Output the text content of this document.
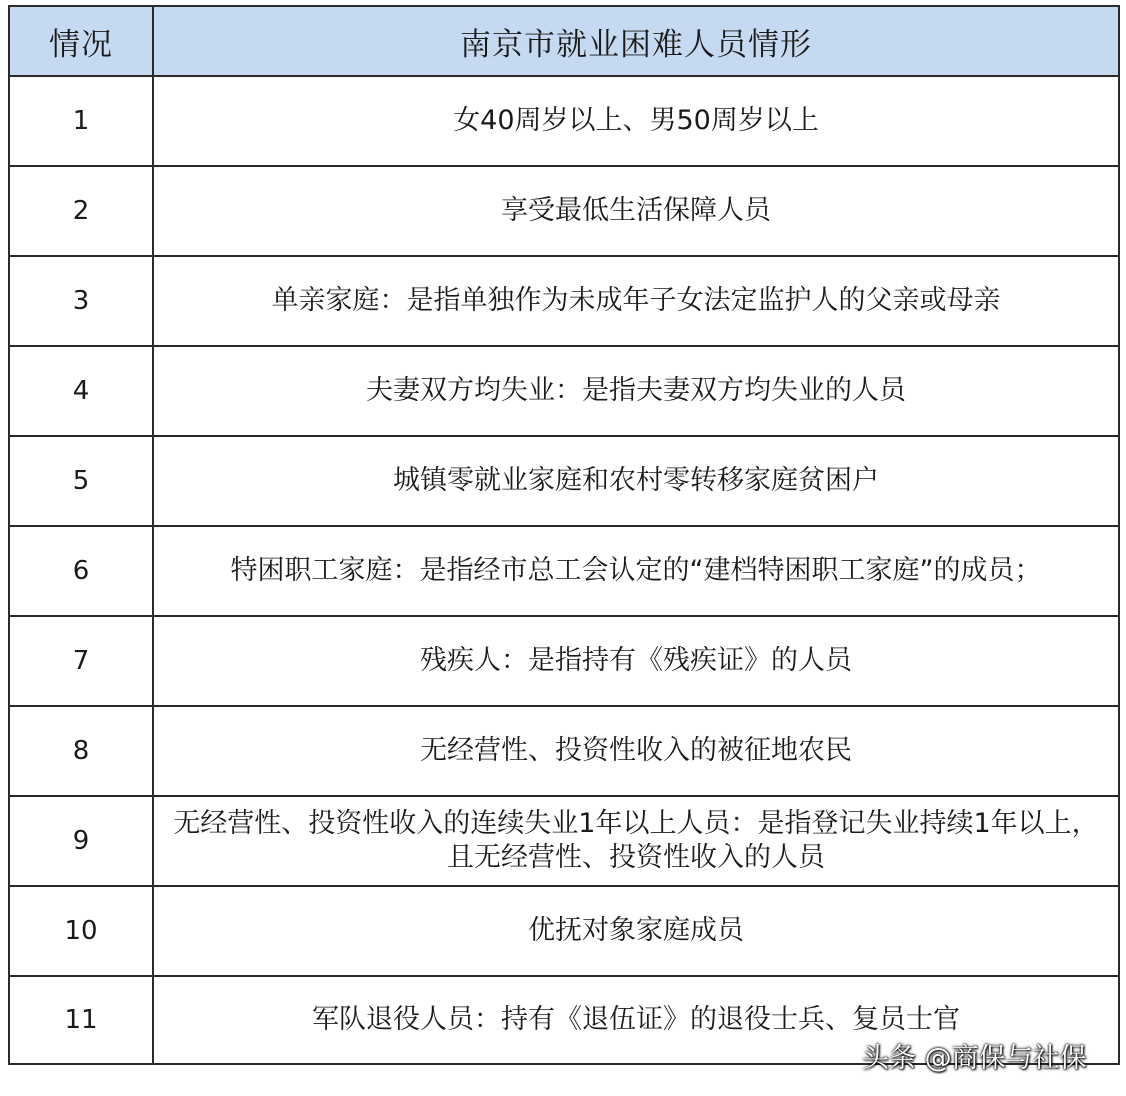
情况	南京市就业困难人员情形
1	女40周岁以上、男50周岁以上
2	享受最低生活保障人员
3	单亲家庭：是指单独作为未成年子女法定监护人的父亲或母亲
4	夫妻双方均失业：是指夫妻双方均失业的人员
5	城镇零就业家庭和农村零转移家庭贫困户
6	特困职工家庭：是指经市总工会认定的“建档特困职工家庭”的成员；
7	残疾人：是指持有《残疾证》的人员
8	无经营性、投资性收入的被征地农民
9	无经营性、投资性收入的连续失业1年以上人员：是指登记失业持续1年以上，且无经营性、投资性收入的人员
10	优抚对象家庭成员
11	军队退役人员：持有《退伍证》的退役士兵、复员士官
头条 @商保与社保
